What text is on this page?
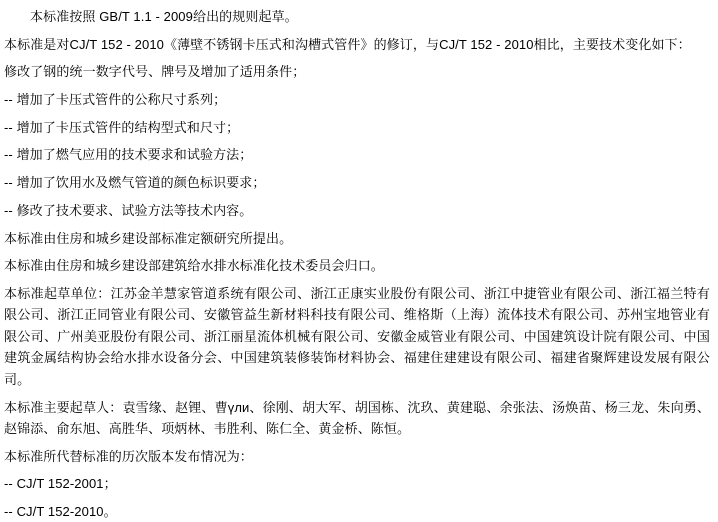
本标准按照 GB/T 1.1 - 2009给出的规则起草。

本标准是对CJ/T 152 - 2010《薄壁不锈钢卡压式和沟槽式管件》的修订，与CJ/T 152 - 2010相比，主要技术变化如下：

修改了钢的统一数字代号、牌号及增加了适用条件；

-- 增加了卡压式管件的公称尺寸系列；

-- 增加了卡压式管件的结构型式和尺寸；

-- 增加了燃气应用的技术要求和试验方法；

-- 增加了饮用水及燃气管道的颜色标识要求；

-- 修改了技术要求、试验方法等技术内容。

本标准由住房和城乡建设部标准定额研究所提出。

本标准由住房和城乡建设部建筑给水排水标准化技术委员会归口。

本标准起草单位：江苏金羊慧家管道系统有限公司、浙江正康实业股份有限公司、浙江中捷管业有限公司、浙江福兰特有限公司、浙江正同管业有限公司、安徽管益生新材料科技有限公司、维格斯（上海）流体技术有限公司、苏州宝地管业有限公司、广州美亚股份有限公司、浙江丽星流体机械有限公司、安徽金威管业有限公司、中国建筑设计院有限公司、中国建筑金属结构协会给水排水设备分会、中国建筑装修装饰材料协会、福建住建建设有限公司、福建省聚辉建设发展有限公司。

本标准主要起草人：袁雪缘、赵锂、曹үли、徐刚、胡大军、胡国栋、沈玖、黄建聪、余张法、汤焕苗、杨三龙、朱向勇、赵锦添、俞东旭、高胜华、项炳林、韦胜利、陈仁全、黄金桥、陈恒。

本标准所代替标准的历次版本发布情况为：

-- CJ/T 152-2001；

-- CJ/T 152-2010。
